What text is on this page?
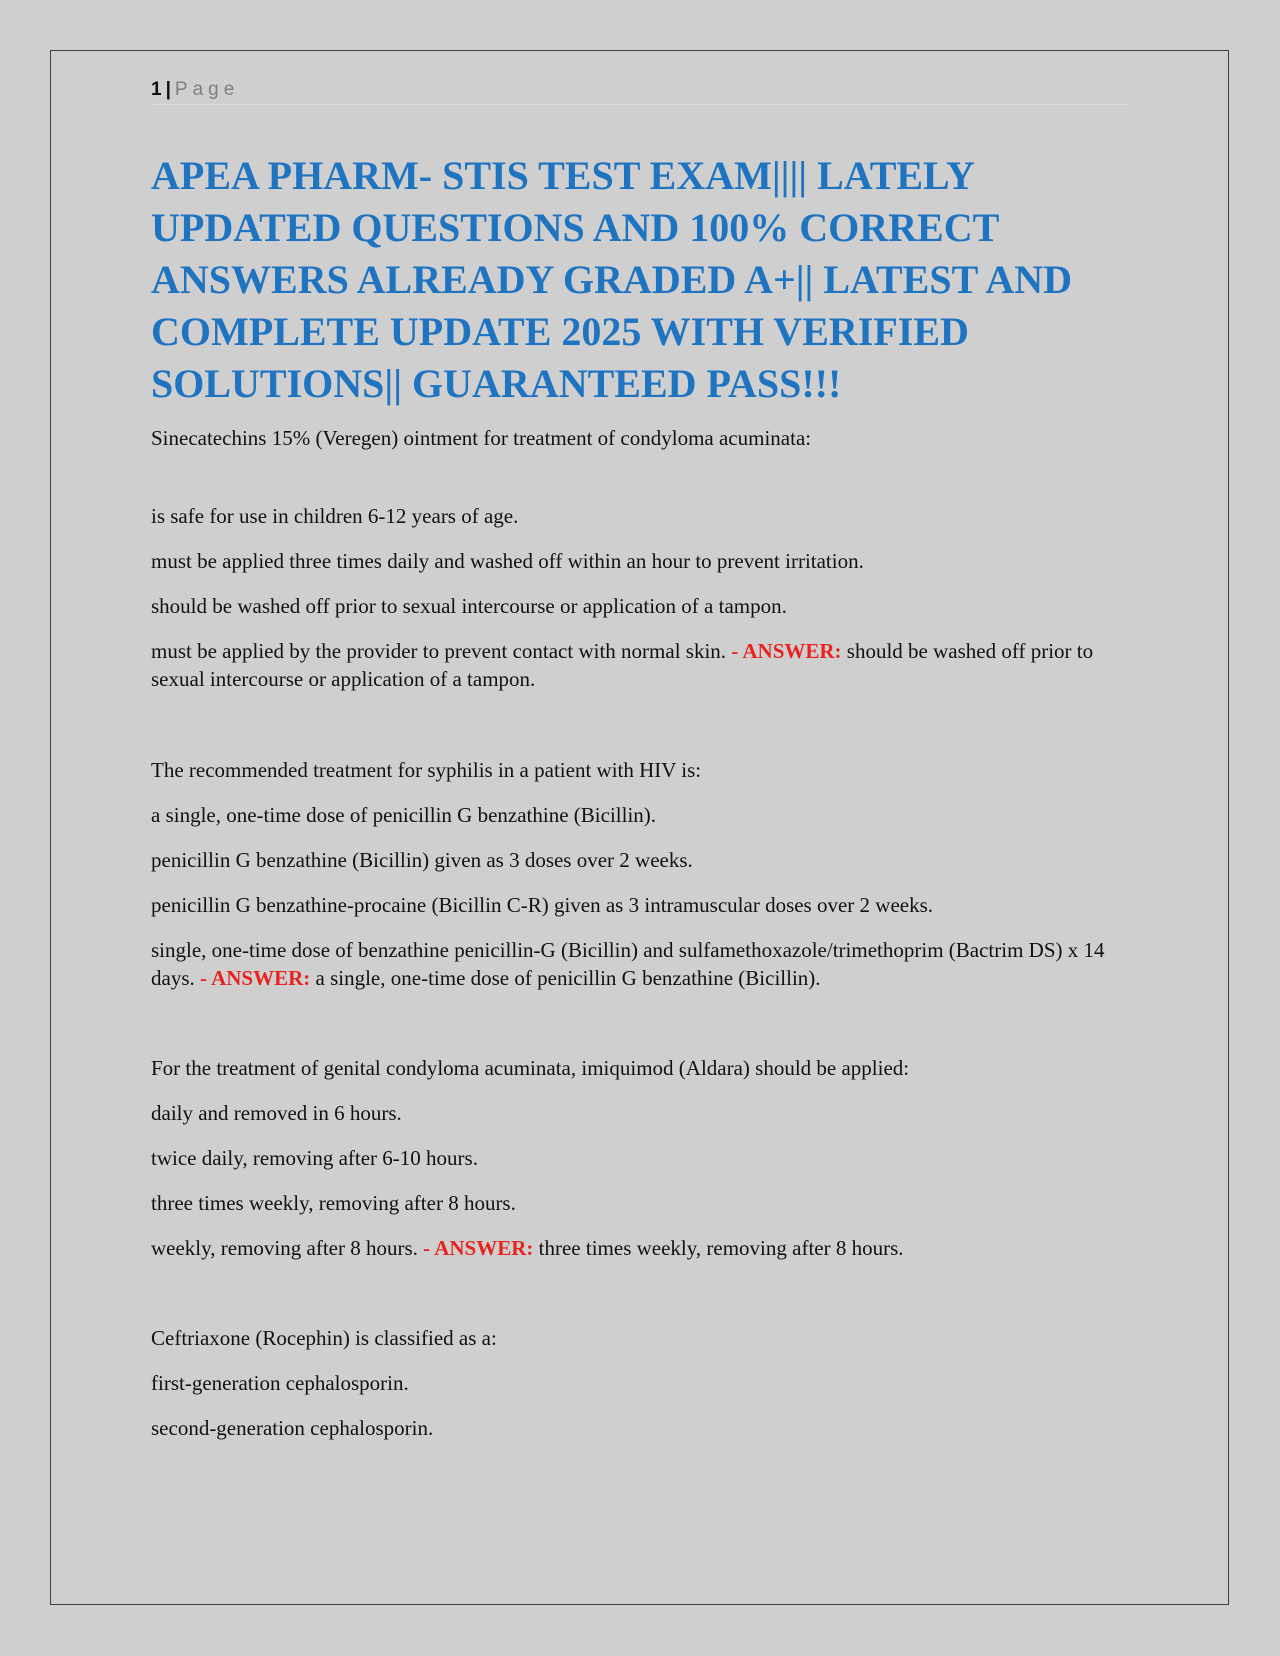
1 | Page
APEA PHARM- STIS TEST EXAM|||| LATELY UPDATED QUESTIONS AND 100% CORRECT ANSWERS ALREADY GRADED A+|| LATEST AND COMPLETE UPDATE 2025 WITH VERIFIED SOLUTIONS|| GUARANTEED PASS!!!

Sinecatechins 15% (Veregen) ointment for treatment of condyloma acuminata:

is safe for use in children 6-12 years of age.

must be applied three times daily and washed off within an hour to prevent irritation.

should be washed off prior to sexual intercourse or application of a tampon.

must be applied by the provider to prevent contact with normal skin. - ANSWER: should be washed off prior to sexual intercourse or application of a tampon.

The recommended treatment for syphilis in a patient with HIV is:

a single, one-time dose of penicillin G benzathine (Bicillin).

penicillin G benzathine (Bicillin) given as 3 doses over 2 weeks.

penicillin G benzathine-procaine (Bicillin C-R) given as 3 intramuscular doses over 2 weeks.

single, one-time dose of benzathine penicillin-G (Bicillin) and sulfamethoxazole/trimethoprim (Bactrim DS) x 14 days. - ANSWER: a single, one-time dose of penicillin G benzathine (Bicillin).

For the treatment of genital condyloma acuminata, imiquimod (Aldara) should be applied:

daily and removed in 6 hours.

twice daily, removing after 6-10 hours.

three times weekly, removing after 8 hours.

weekly, removing after 8 hours. - ANSWER: three times weekly, removing after 8 hours.

Ceftriaxone (Rocephin) is classified as a:

first-generation cephalosporin.

second-generation cephalosporin.
